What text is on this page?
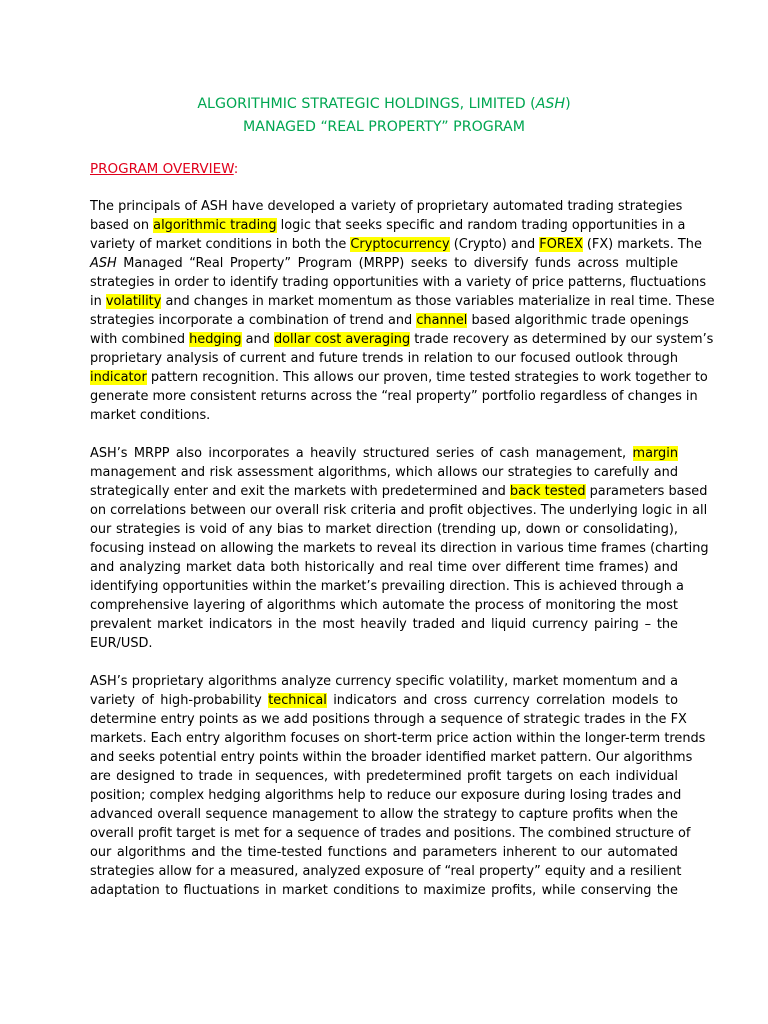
ALGORITHMIC STRATEGIC HOLDINGS, LIMITED (ASH)
MANAGED “REAL PROPERTY” PROGRAM
PROGRAM OVERVIEW:
The principals of ASH have developed a variety of proprietary automated trading strategies
based on algorithmic trading logic that seeks specific and random trading opportunities in a
variety of market conditions in both the Cryptocurrency (Crypto) and FOREX (FX) markets. The
ASH Managed “Real Property” Program (MRPP) seeks to diversify funds across multiple
strategies in order to identify trading opportunities with a variety of price patterns, fluctuations
in volatility and changes in market momentum as those variables materialize in real time. These
strategies incorporate a combination of trend and channel based algorithmic trade openings
with combined hedging and dollar cost averaging trade recovery as determined by our system’s
proprietary analysis of current and future trends in relation to our focused outlook through
indicator pattern recognition. This allows our proven, time tested strategies to work together to
generate more consistent returns across the “real property” portfolio regardless of changes in
market conditions.
ASH’s MRPP also incorporates a heavily structured series of cash management, margin
management and risk assessment algorithms, which allows our strategies to carefully and
strategically enter and exit the markets with predetermined and back tested parameters based
on correlations between our overall risk criteria and profit objectives. The underlying logic in all
our strategies is void of any bias to market direction (trending up, down or consolidating),
focusing instead on allowing the markets to reveal its direction in various time frames (charting
and analyzing market data both historically and real time over different time frames) and
identifying opportunities within the market’s prevailing direction. This is achieved through a
comprehensive layering of algorithms which automate the process of monitoring the most
prevalent market indicators in the most heavily traded and liquid currency pairing – the
EUR/USD.
ASH’s proprietary algorithms analyze currency specific volatility, market momentum and a
variety of high-probability technical indicators and cross currency correlation models to
determine entry points as we add positions through a sequence of strategic trades in the FX
markets. Each entry algorithm focuses on short-term price action within the longer-term trends
and seeks potential entry points within the broader identified market pattern. Our algorithms
are designed to trade in sequences, with predetermined profit targets on each individual
position; complex hedging algorithms help to reduce our exposure during losing trades and
advanced overall sequence management to allow the strategy to capture profits when the
overall profit target is met for a sequence of trades and positions. The combined structure of
our algorithms and the time-tested functions and parameters inherent to our automated
strategies allow for a measured, analyzed exposure of “real property” equity and a resilient
adaptation to fluctuations in market conditions to maximize profits, while conserving the
